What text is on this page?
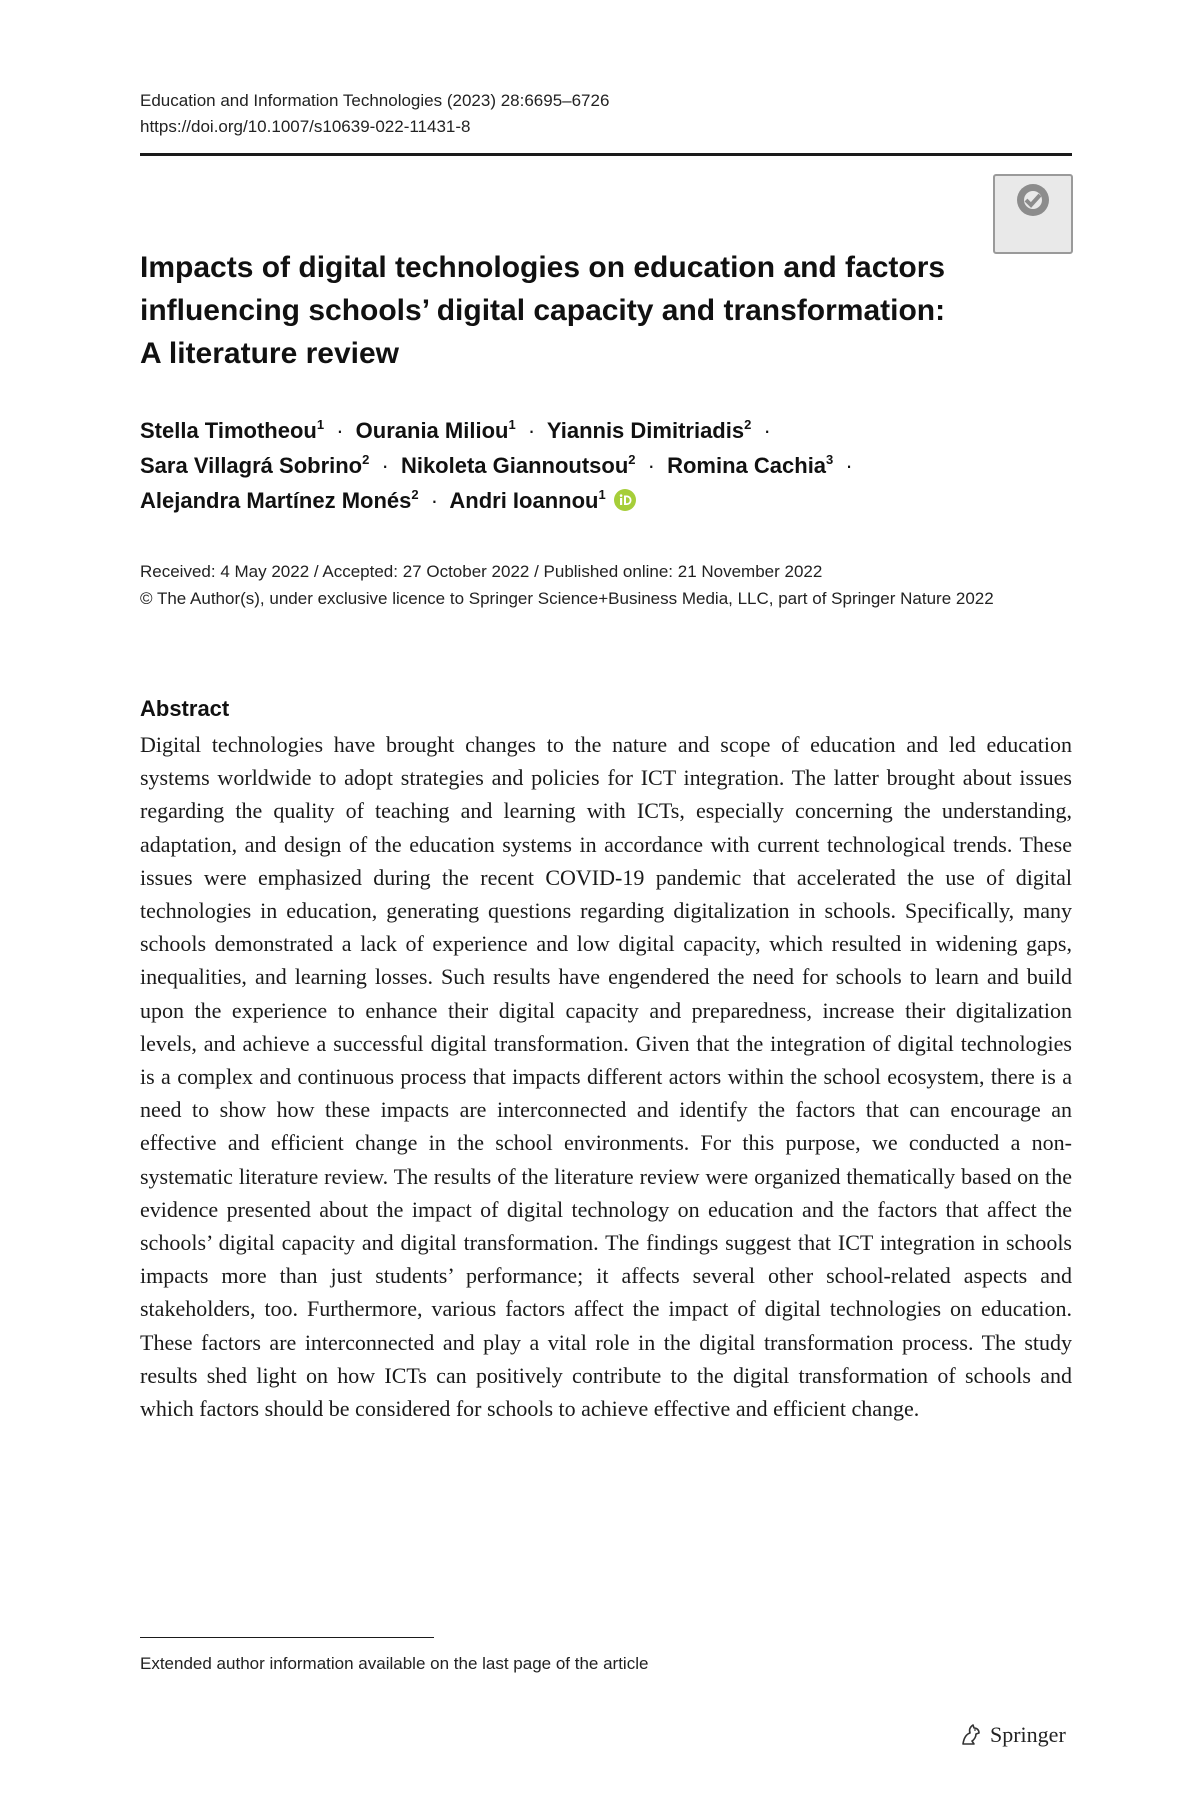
Education and Information Technologies (2023) 28:6695–6726
https://doi.org/10.1007/s10639-022-11431-8
Impacts of digital technologies on education and factors
influencing schools’ digital capacity and transformation:
A literature review
Stella Timotheou$^1$ · Ourania Miliou$^1$ · Yiannis Dimitriadis$^2$ ·
Sara Villagrá Sobrino$^2$ · Nikoleta Giannoutsou$^2$ · Romina Cachia$^3$ ·
Alejandra Martínez Monés$^2$ · Andri Ioannou$^1$
Received: 4 May 2022 / Accepted: 27 October 2022 / Published online: 21 November 2022
© The Author(s), under exclusive licence to Springer Science+Business Media, LLC, part of Springer Nature 2022
Abstract

Digital technologies have brought changes to the nature and scope of education and led education systems worldwide to adopt strategies and policies for ICT integration. The latter brought about issues regarding the quality of teaching and learning with ICTs, especially concerning the understanding, adaptation, and design of the education systems in accordance with current technological trends. These issues were emphasized during the recent COVID-19 pandemic that accelerated the use of digital technologies in education, generating questions regarding digitalization in schools. Specifically, many schools demonstrated a lack of experience and low digital capacity, which resulted in widening gaps, inequalities, and learning losses. Such results have engendered the need for schools to learn and build upon the experience to enhance their digital capacity and preparedness, increase their digitalization levels, and achieve a successful digital transformation. Given that the integration of digital technologies is a complex and continuous process that impacts different actors within the school ecosystem, there is a need to show how these impacts are interconnected and identify the factors that can encourage an effective and efficient change in the school environments. For this purpose, we conducted a non-systematic literature review. The results of the literature review were organized thematically based on the evidence presented about the impact of digital technology on education and the factors that affect the schools’ digital capacity and digital transformation. The findings suggest that ICT integration in schools impacts more than just students’ performance; it affects several other school-related aspects and stakeholders, too. Furthermore, various factors affect the impact of digital technologies on education. These factors are interconnected and play a vital role in the digital transformation process. The study results shed light on how ICTs can positively contribute to the digital transformation of schools and which factors should be considered for schools to achieve effective and efficient change.

Extended author information available on the last page of the article
Springer
